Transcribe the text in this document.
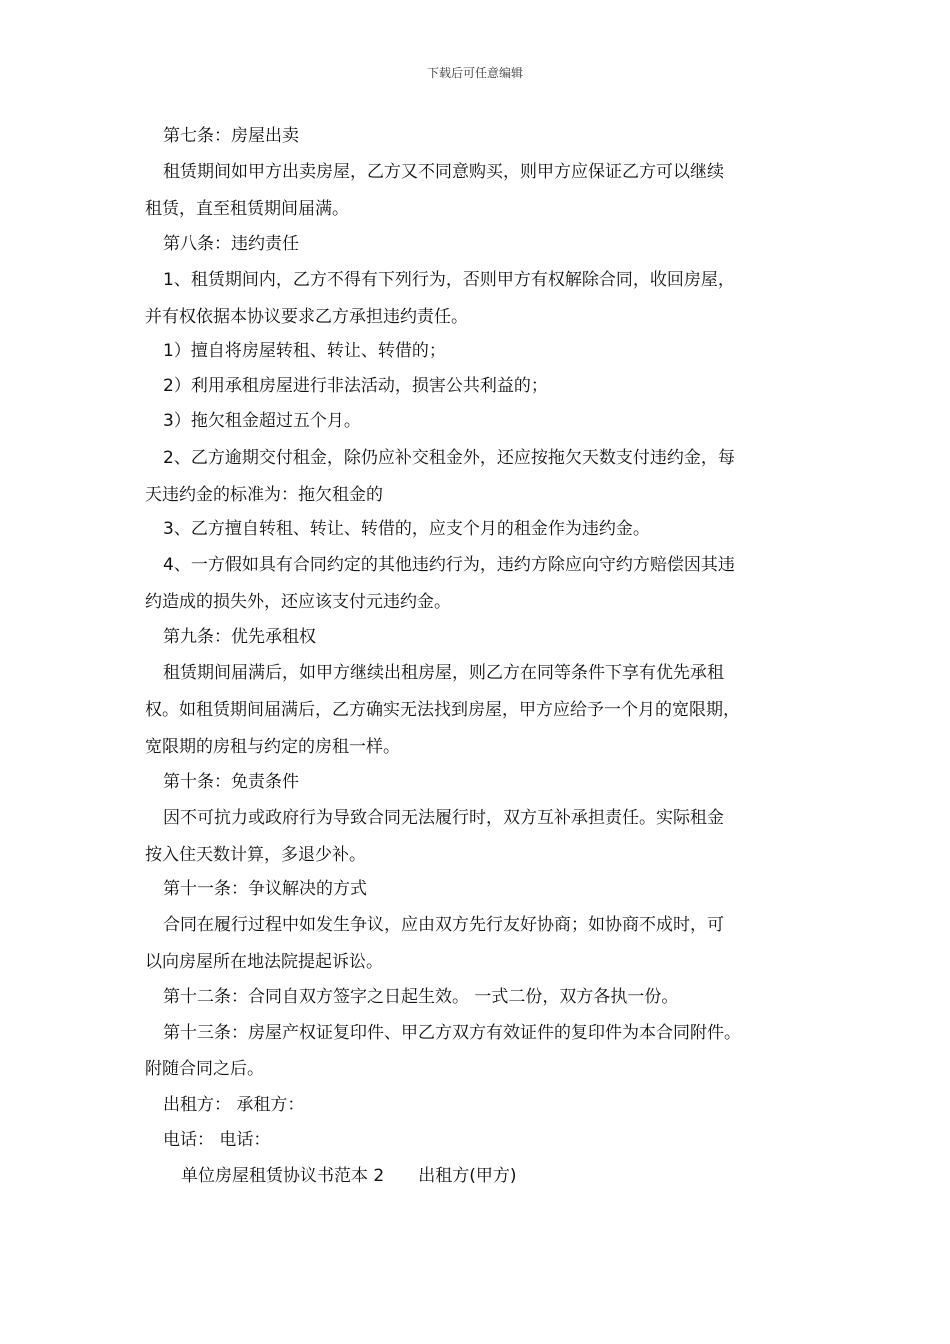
下载后可任意编辑
第七条：房屋出卖
租赁期间如甲方出卖房屋，乙方又不同意购买，则甲方应保证乙方可以继续
租赁，直至租赁期间届满。
第八条：违约责任
1、租赁期间内，乙方不得有下列行为，否则甲方有权解除合同，收回房屋，
并有权依据本协议要求乙方承担违约责任。
1）擅自将房屋转租、转让、转借的；
2）利用承租房屋进行非法活动，损害公共利益的；
3）拖欠租金超过五个月。
2、乙方逾期交付租金，除仍应补交租金外，还应按拖欠天数支付违约金，每
天违约金的标准为：拖欠租金的
3、乙方擅自转租、转让、转借的，应支个月的租金作为违约金。
4、一方假如具有合同约定的其他违约行为，违约方除应向守约方赔偿因其违
约造成的损失外，还应该支付元违约金。
第九条：优先承租权
租赁期间届满后，如甲方继续出租房屋，则乙方在同等条件下享有优先承租
权。如租赁期间届满后，乙方确实无法找到房屋，甲方应给予一个月的宽限期，
宽限期的房租与约定的房租一样。
第十条：免责条件
因不可抗力或政府行为导致合同无法履行时，双方互补承担责任。实际租金
按入住天数计算，多退少补。
第十一条：争议解决的方式
合同在履行过程中如发生争议，应由双方先行友好协商；如协商不成时，可
以向房屋所在地法院提起诉讼。
第十二条：合同自双方签字之日起生效。 一式二份，双方各执一份。
第十三条：房屋产权证复印件、甲乙方双方有效证件的复印件为本合同附件。
附随合同之后。
出租方： 承租方：
电话： 电话：
单位房屋租赁协议书范本 2　　出租方(甲方)
